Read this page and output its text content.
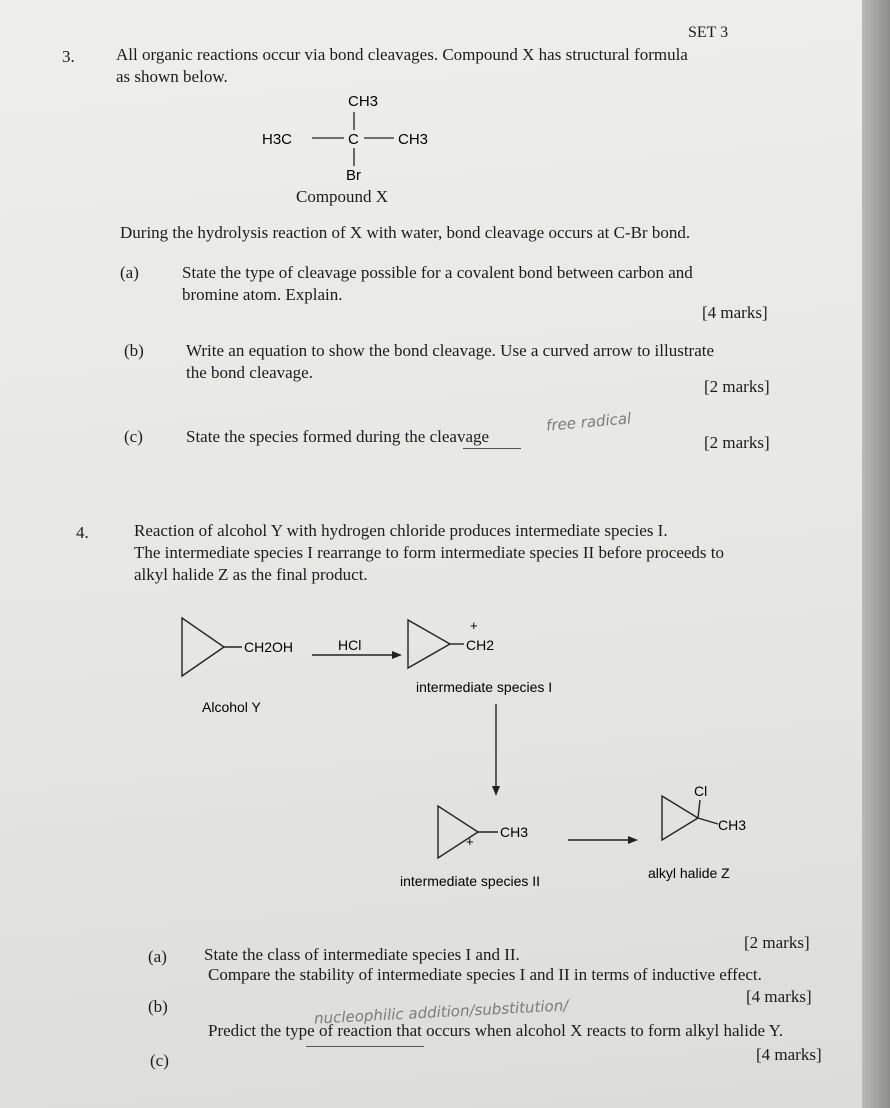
SET 3
3. All organic reactions occur via bond cleavages. Compound X has structural formula
as shown below.
CH3
H3C	C	CH3
Br
Compound X
During the hydrolysis reaction of X with water, bond cleavage occurs at C-Br bond.
(a)	State the type of cleavage possible for a covalent bond between carbon and
bromine atom. Explain.
[4 marks]
(b) Write an equation to show the bond cleavage. Use a curved arrow to illustrate
the bond cleavage.
[2 marks]
(c)	State the species formed during the cleavage
free radical
[2 marks]
4.	Reaction of alcohol Y with hydrogen chloride produces intermediate species I.
The intermediate species I rearrange to form intermediate species II before proceeds to
alkyl halide Z as the final product.
CH2OH	HCl
+
CH2
intermediate species I
Alcohol Y
+
CH3
Cl
CH3
intermediate species II	alkyl halide Z
[2 marks]
(a) State the class of intermediate species I and II.
(b)
Compare the stability of intermediate species I and II in terms of inductive effect.
[4 marks]
nucleophilic addition/substitution/
(c)
Predict the type of reaction that occurs when alcohol X reacts to form alkyl halide Y.
[4 marks]
